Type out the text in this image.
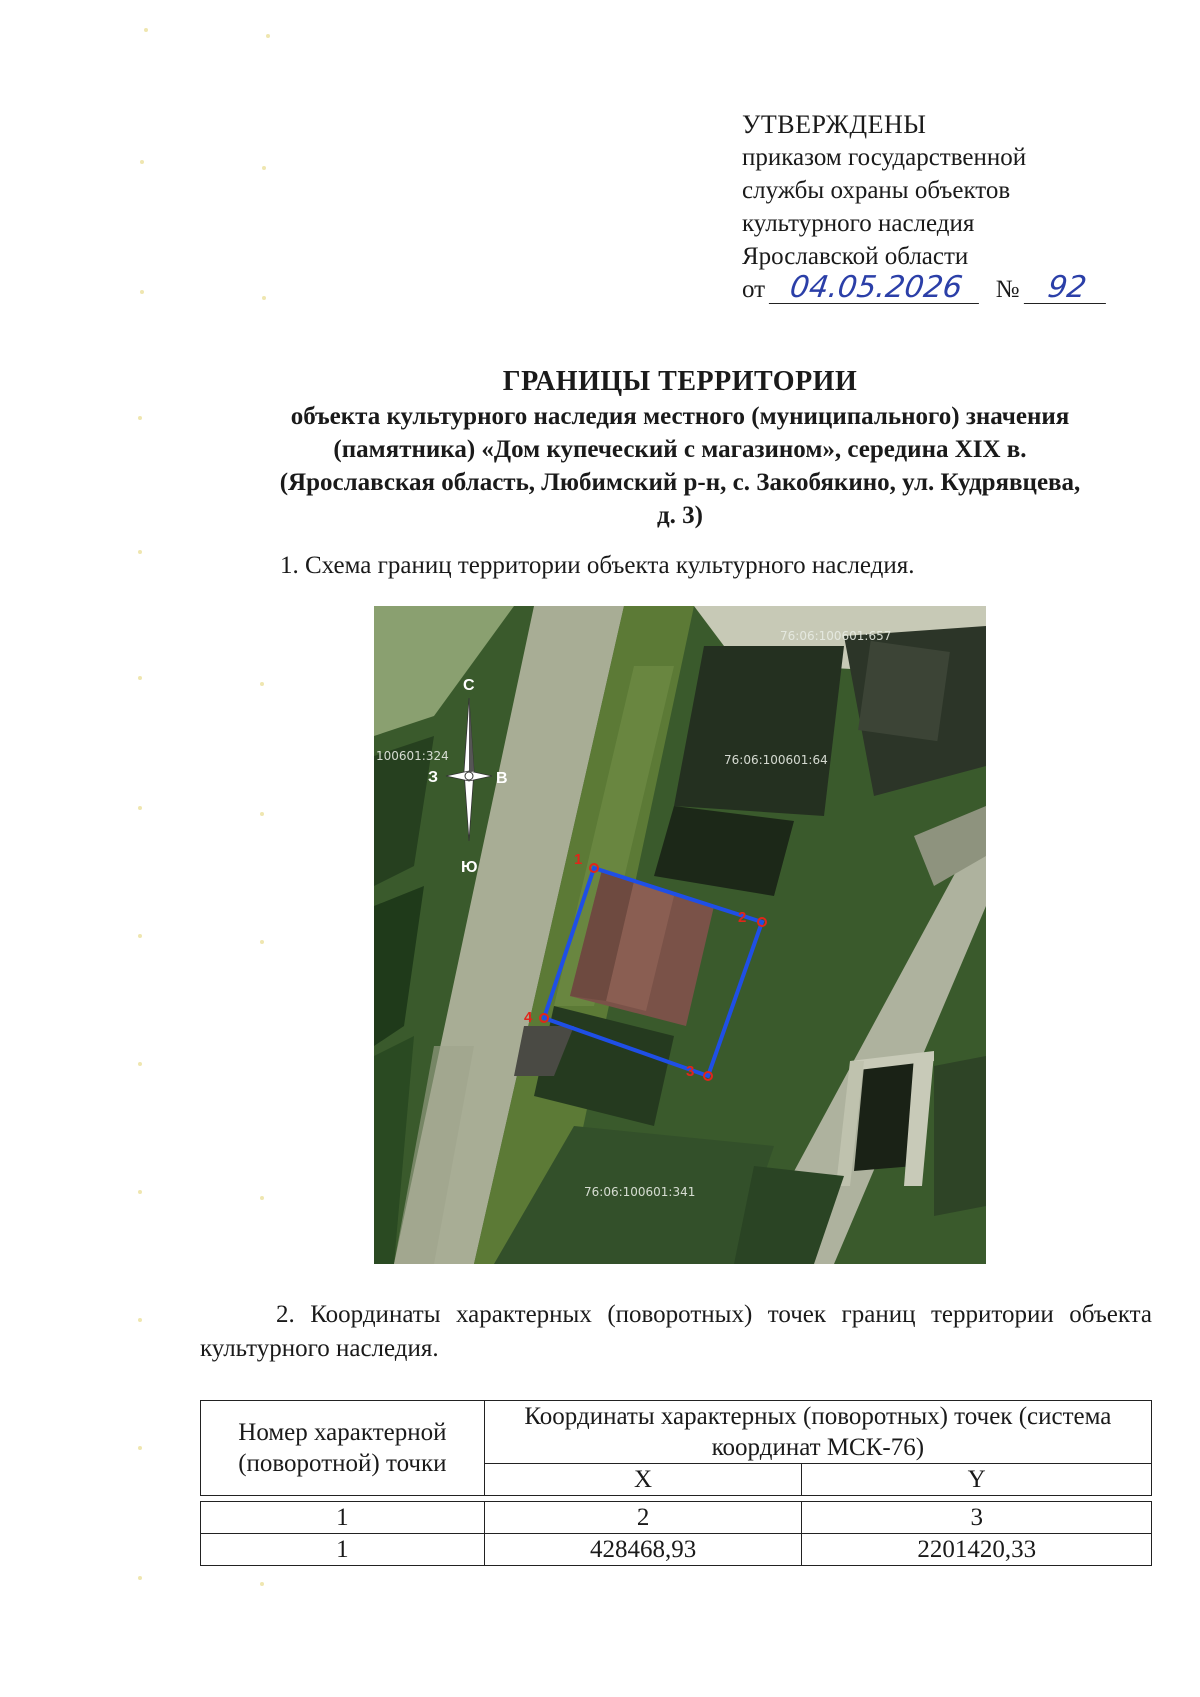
УТВЕРЖДЕНЫ
приказом государственной
службы охраны объектов
культурного наследия
Ярославской области
от 04.05.2026 № 92
ГРАНИЦЫ ТЕРРИТОРИИ
объекта культурного наследия местного (муниципального) значения
(памятника) «Дом купеческий с магазином», середина XIX в.
(Ярославская область, Любимский р-н, с. Закобякино, ул. Кудрявцева,
д. 3)
1. Схема границ территории объекта культурного наследия.
76:06:100601:657
76:06:100601:64
100601:324
76:06:100601:341
С
Ю
З	В
1
2
3
4
2. Координаты характерных (поворотных) точек границ территории объекта культурного наследия.
Номер характерной (поворотной) точки	Координаты характерных (поворотных) точек (система координат МСК-76)	
	X	Y

1	2	3
1	428468,93	2201420,33
